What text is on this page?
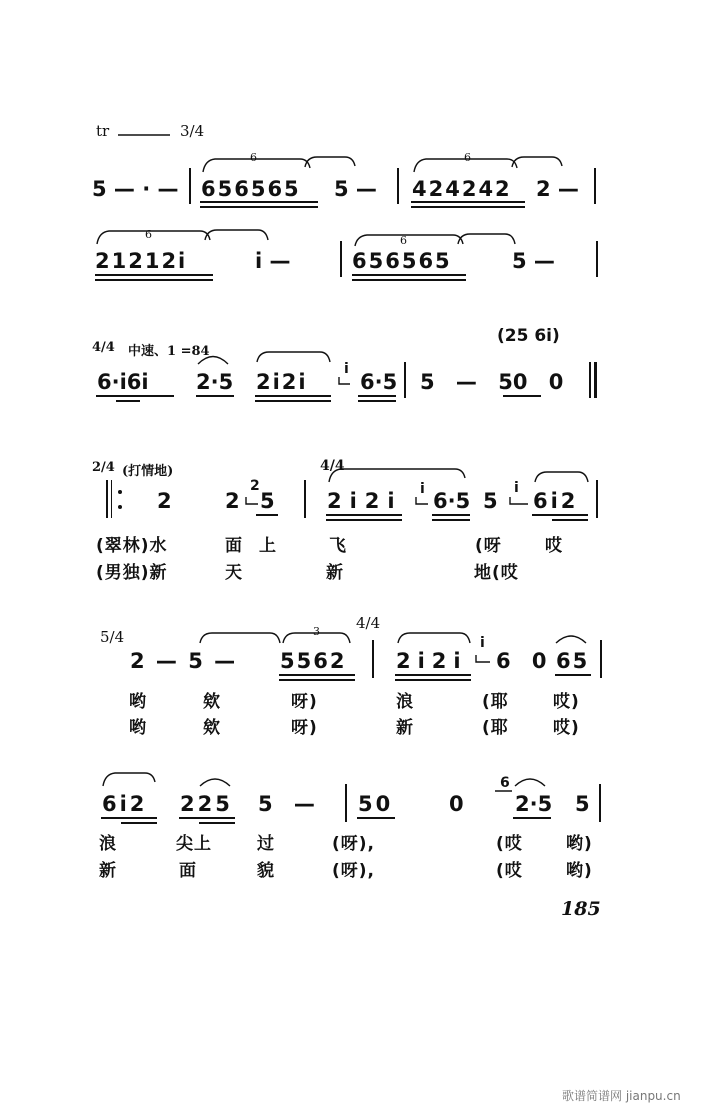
tr	3/4
5 — · —
6
656565 5 —
6
424242 2 —
6
21212i	i —
6
656565	5 —
4/4 中速、1 =84
(25 6i)
6·i6i 2·5 2i2i
i
6·5 5 — 50 0
2/4 (打情地)	4/4
2	2
2
5 2i2i i 6·5 5
i
6i2
(翠林)水	面 上	飞	(呀	哎
(男独)新	天	新	地(哎
5/4
4/4
2 — 5 —
3
5562 2i2i
i
6 0 65
哟	欸	呀)	浪	(耶	哎)
哟	欸	呀)	新	(耶	哎)
6i2 225 5 — 50	0
6
2·5 5
浪	尖上	过	(呀),	(哎	哟)
新	面	貌	(呀),	(哎	哟)
185
歌谱简谱网 jianpu.cn
